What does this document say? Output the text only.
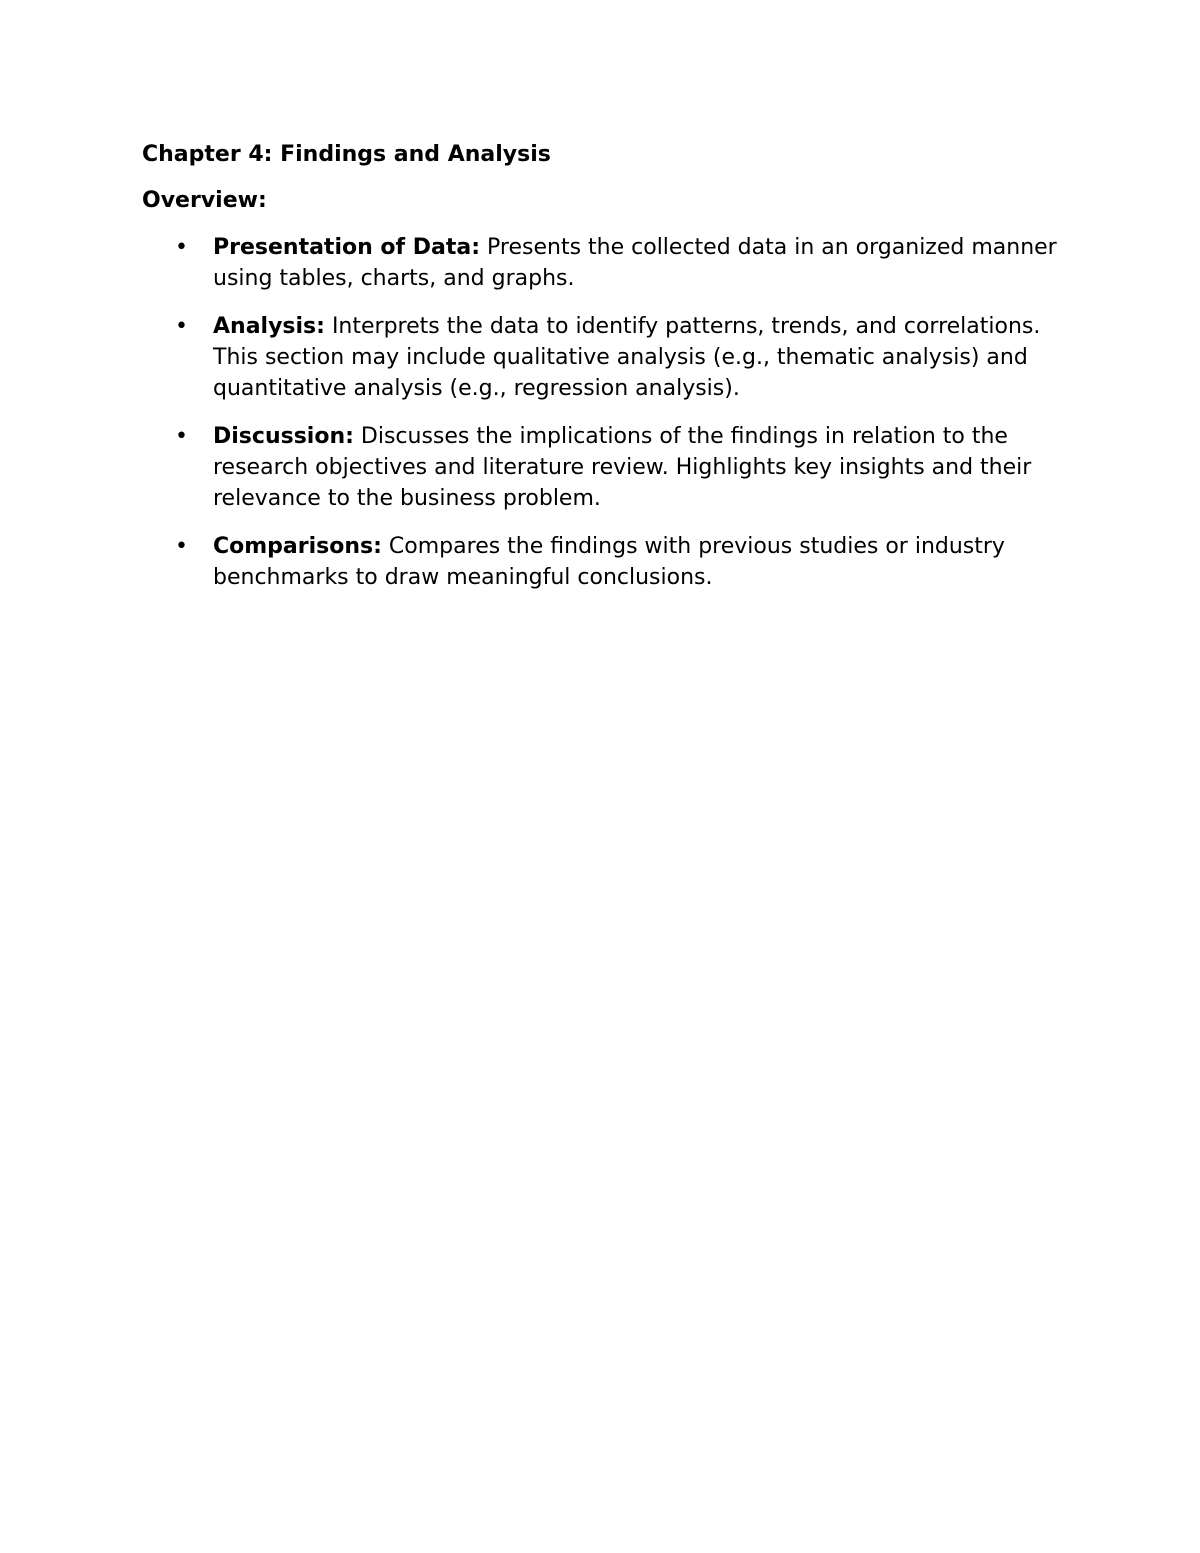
Chapter 4: Findings and Analysis
Overview:
• Presentation of Data: Presents the collected data in an organized manner using tables, charts, and graphs.
• Analysis: Interprets the data to identify patterns, trends, and correlations. This section may include qualitative analysis (e.g., thematic analysis) and quantitative analysis (e.g., regression analysis).
• Discussion: Discusses the implications of the findings in relation to the research objectives and literature review. Highlights key insights and their relevance to the business problem.
• Comparisons: Compares the findings with previous studies or industry benchmarks to draw meaningful conclusions.
